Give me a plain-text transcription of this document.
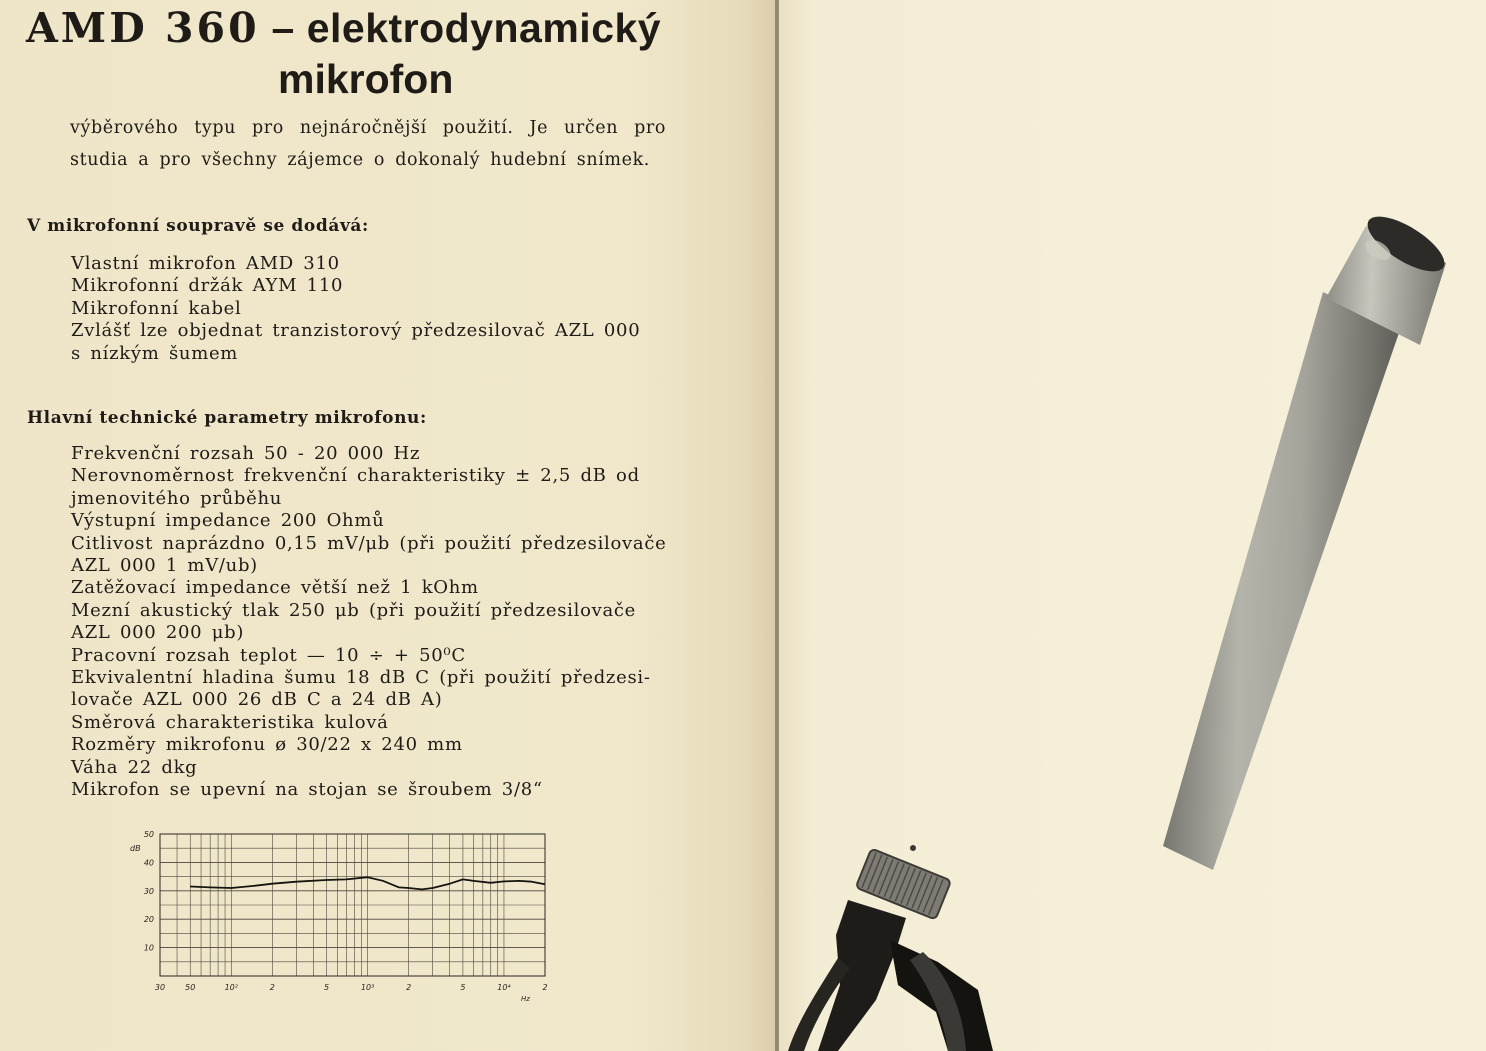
AMD 360 – elektrodynamický
mikrofon

výběrového typu pro nejnáročnější použití. Je určen pro studia a pro všechny zájemce o dokonalý hudební snímek.

V mikrofonní soupravě se dodává:
Vlastní mikrofon AMD 310
Mikrofonní držák AYM 110
Mikrofonní kabel
Zvlášť lze objednat tranzistorový předzesilovač AZL 000
s nízkým šumem
Hlavní technické parametry mikrofonu:
Frekvenční rozsah 50 - 20 000 Hz
Nerovnoměrnost frekvenční charakteristiky ± 2,5 dB od
jmenovitého průběhu
Výstupní impedance 200 Ohmů
Citlivost naprázdno 0,15 mV/μb (při použití předzesilovače
AZL 000 1 mV/ub)
Zatěžovací impedance větší než 1 kOhm
Mezní akustický tlak 250 μb (při použití předzesilovače
AZL 000 200 μb)
Pracovní rozsah teplot — 10 ÷ + 50⁰C
Ekvivalentní hladina šumu 18 dB C (při použití předzesi-
lovače AZL 000 26 dB C a 24 dB A)
Směrová charakteristika kulová
Rozměry mikrofonu ø 30/22 x 240 mm
Váha 22 dkg
Mikrofon se upevní na stojan se šroubem 3/8“
10
20
30
40
50
30	50	10²	2	5	10³	2	5	10⁴	2
dB
Hz
